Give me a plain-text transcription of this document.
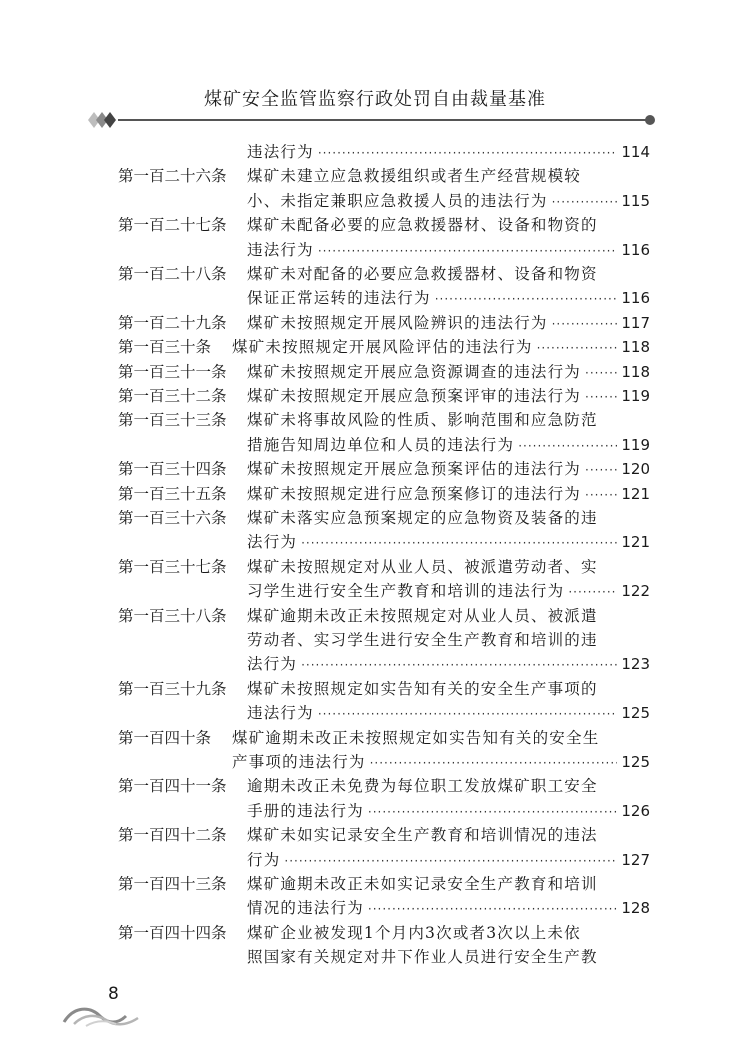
煤矿安全监管监察行政处罚自由裁量基准
违法行为 ·····	114
第一百二十六条 煤矿未建立应急救援组织或者生产经营规模较
小、未指定兼职应急救援人员的违法行为 ·····	115
第一百二十七条 煤矿未配备必要的应急救援器材、设备和物资的
违法行为 ·····	116
第一百二十八条 煤矿未对配备的必要应急救援器材、设备和物资
保证正常运转的违法行为 ·····	116
第一百二十九条 煤矿未按照规定开展风险辨识的违法行为 ·····	117
第一百三十条 煤矿未按照规定开展风险评估的违法行为 ·····	118
第一百三十一条 煤矿未按照规定开展应急资源调查的违法行为 ·····	118
第一百三十二条 煤矿未按照规定开展应急预案评审的违法行为 ·····	119
第一百三十三条 煤矿未将事故风险的性质、影响范围和应急防范
措施告知周边单位和人员的违法行为 ·····	119
第一百三十四条 煤矿未按照规定开展应急预案评估的违法行为 ·····	120
第一百三十五条 煤矿未按照规定进行应急预案修订的违法行为 ·····	121
第一百三十六条 煤矿未落实应急预案规定的应急物资及装备的违
法行为 ·····	121
第一百三十七条 煤矿未按照规定对从业人员、被派遣劳动者、实
习学生进行安全生产教育和培训的违法行为 ·····	122
第一百三十八条 煤矿逾期未改正未按照规定对从业人员、被派遣
劳动者、实习学生进行安全生产教育和培训的违
法行为 ·····	123
第一百三十九条 煤矿未按照规定如实告知有关的安全生产事项的
违法行为 ·····	125
第一百四十条 煤矿逾期未改正未按照规定如实告知有关的安全生
产事项的违法行为 ·····	125
第一百四十一条 逾期未改正未免费为每位职工发放煤矿职工安全
手册的违法行为 ·····	126
第一百四十二条 煤矿未如实记录安全生产教育和培训情况的违法
行为 ·····	127
第一百四十三条 煤矿逾期未改正未如实记录安全生产教育和培训
情况的违法行为 ·····	128
第一百四十四条 煤矿企业被发现1个月内3次或者3次以上未依
照国家有关规定对井下作业人员进行安全生产教
8
